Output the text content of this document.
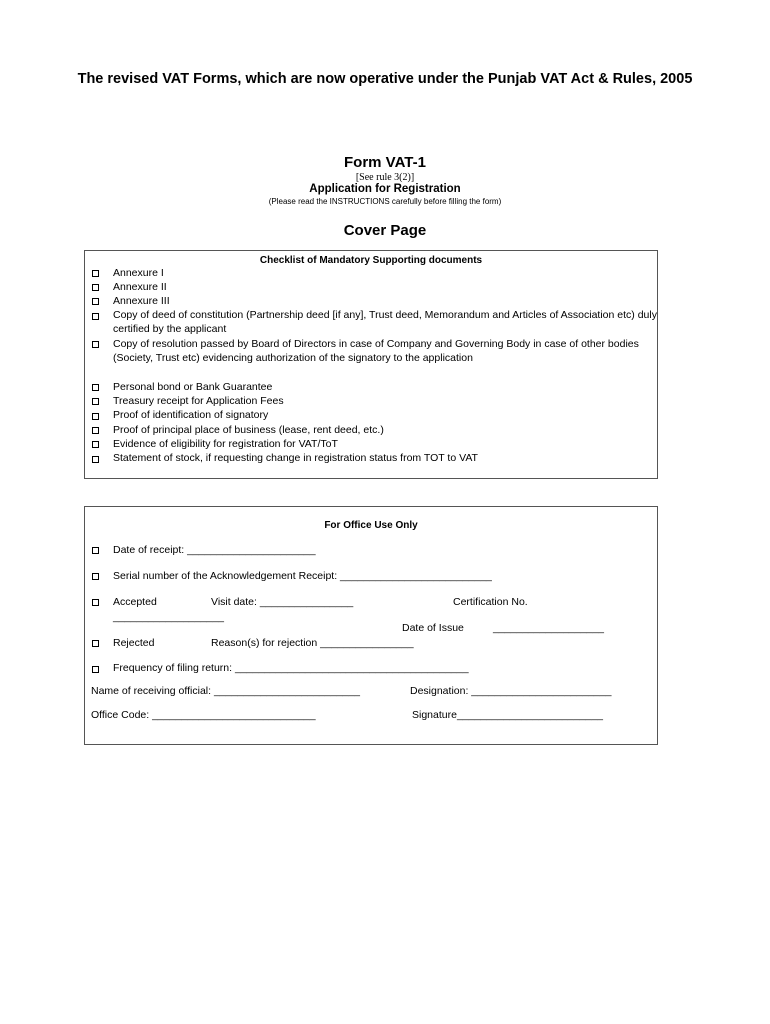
The revised VAT Forms, which are now operative under the Punjab VAT Act & Rules, 2005
Form VAT-1
[See rule 3(2)]
Application for Registration
(Please read the INSTRUCTIONS carefully before filling the form)
Cover Page
Checklist of Mandatory Supporting documents
Annexure I
Annexure II
Annexure III
Copy of deed of constitution (Partnership deed [if any], Trust deed, Memorandum and Articles of Association etc) duly certified by the applicant
Copy of resolution passed by Board of Directors in case of Company and Governing Body in case of other bodies (Society, Trust etc) evidencing authorization of the signatory to the application
Personal bond or Bank Guarantee
Treasury receipt for Application Fees
Proof of identification of signatory
Proof of principal place of business (lease, rent deed, etc.)
Evidence of eligibility for registration for VAT/ToT
Statement of stock, if requesting change in registration status from TOT to VAT
For Office Use Only
Date of receipt: ______________________
Serial number of the Acknowledgement Receipt: __________________________
Accepted	Visit date: ________________	Certification No.
___________________
Date of Issue	___________________
Rejected	Reason(s) for rejection ________________
Frequency of filing return: ________________________________________
Name of receiving official: _________________________	Designation: ________________________
Office Code: ____________________________	Signature_________________________
